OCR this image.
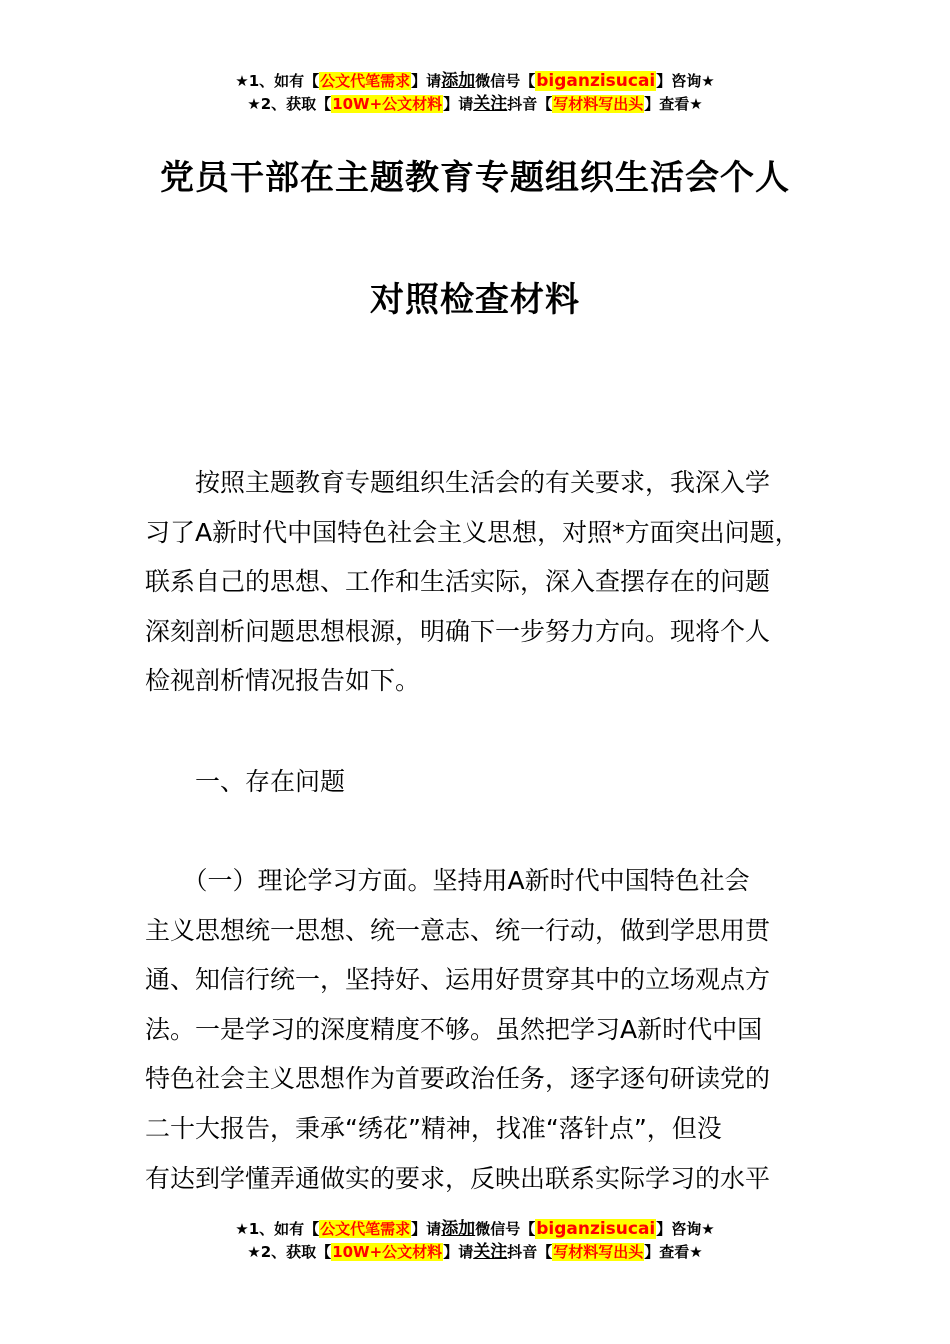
★1、如有【公文代笔需求】请添加微信号【biganzisucai】咨询★
★2、获取【10W+公文材料】请关注抖音【写材料写出头】查看★
党员干部在主题教育专题组织生活会个人
对照检查材料
　　按照主题教育专题组织生活会的有关要求，我深入学
习了A新时代中国特色社会主义思想，对照*方面突出问题，
联系自己的思想、工作和生活实际，深入查摆存在的问题
深刻剖析问题思想根源，明确下一步努力方向。现将个人
检视剖析情况报告如下。
　　一、存在问题
　　（一）理论学习方面。坚持用A新时代中国特色社会
主义思想统一思想、统一意志、统一行动，做到学思用贯
通、知信行统一，坚持好、运用好贯穿其中的立场观点方
法。一是学习的深度精度不够。虽然把学习A新时代中国
特色社会主义思想作为首要政治任务，逐字逐句研读党的
二十大报告，秉承“绣花”精神，找准“落针点”，但没
有达到学懂弄通做实的要求，反映出联系实际学习的水平
★1、如有【公文代笔需求】请添加微信号【biganzisucai】咨询★
★2、获取【10W+公文材料】请关注抖音【写材料写出头】查看★
